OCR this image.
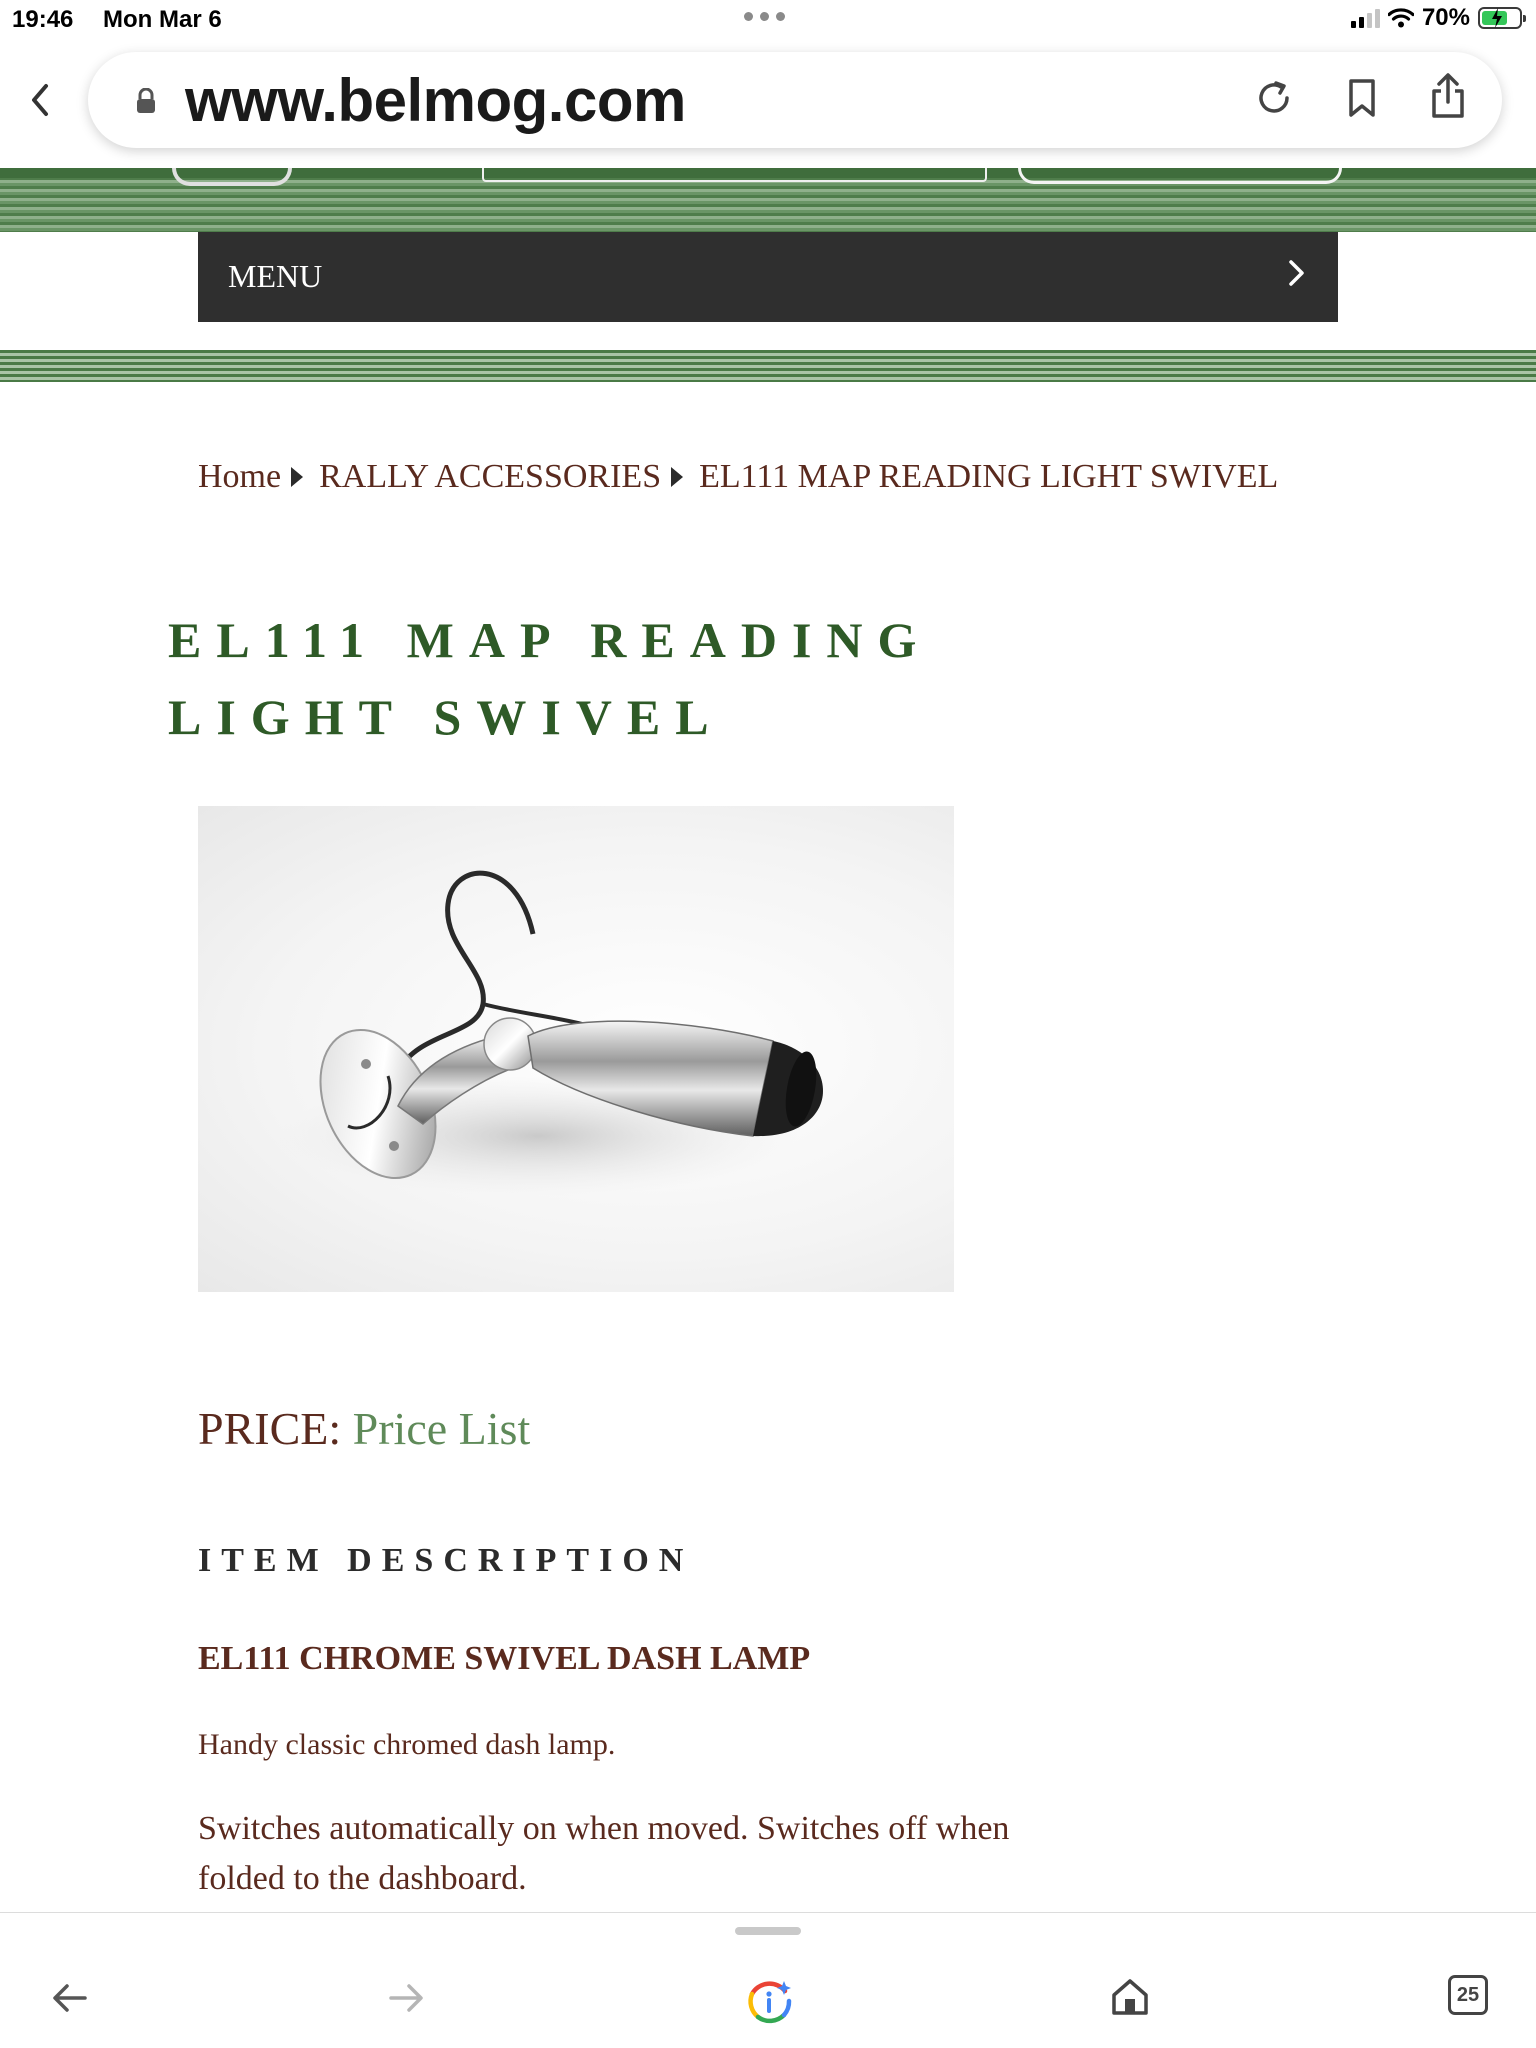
19:46 Mon Mar 6	70%
www.belmog.com
MENU
Home RALLY ACCESSORIES EL111 MAP READING LIGHT SWIVEL
EL111 MAP READING LIGHT SWIVEL
PRICE: Price List
ITEM DESCRIPTION
EL111 CHROME SWIVEL DASH LAMP

Handy classic chromed dash lamp.

Switches automatically on when moved. Switches off when folded to the dashboard.

25
